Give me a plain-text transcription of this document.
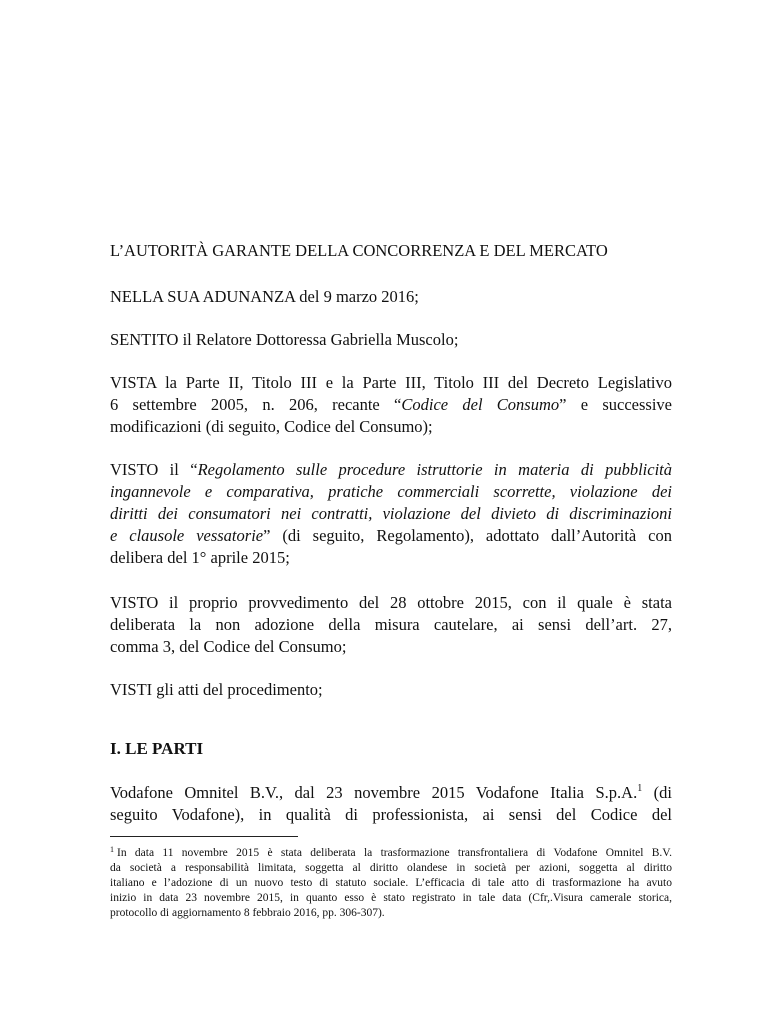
L’AUTORITÀ GARANTE DELLA CONCORRENZA E DEL MERCATO
NELLA SUA ADUNANZA del 9 marzo 2016;
SENTITO il Relatore Dottoressa Gabriella Muscolo;
VISTA la Parte II, Titolo III e la Parte III, Titolo III del Decreto Legislativo
6 settembre 2005, n. 206, recante “Codice del Consumo” e successive
modificazioni (di seguito, Codice del Consumo);
VISTO il “Regolamento sulle procedure istruttorie in materia di pubblicità
ingannevole e comparativa, pratiche commerciali scorrette, violazione dei
diritti dei consumatori nei contratti, violazione del divieto di discriminazioni
e clausole vessatorie” (di seguito, Regolamento), adottato dall’Autorità con
delibera del 1° aprile 2015;
VISTO il proprio provvedimento del 28 ottobre 2015, con il quale è stata
deliberata la non adozione della misura cautelare, ai sensi dell’art. 27,
comma 3, del Codice del Consumo;
VISTI gli atti del procedimento;
I. LE PARTI
Vodafone Omnitel B.V., dal 23 novembre 2015 Vodafone Italia S.p.A.$^1$ (di
seguito Vodafone), in qualità di professionista, ai sensi del Codice del
$^1$ In data 11 novembre 2015 è stata deliberata la trasformazione transfrontaliera di Vodafone Omnitel B.V.
da società a responsabilità limitata, soggetta al diritto olandese in società per azioni, soggetta al diritto
italiano e l’adozione di un nuovo testo di statuto sociale. L’efficacia di tale atto di trasformazione ha avuto
inizio in data 23 novembre 2015, in quanto esso è stato registrato in tale data (Cfr,.Visura camerale storica,
protocollo di aggiornamento 8 febbraio 2016, pp. 306-307).
